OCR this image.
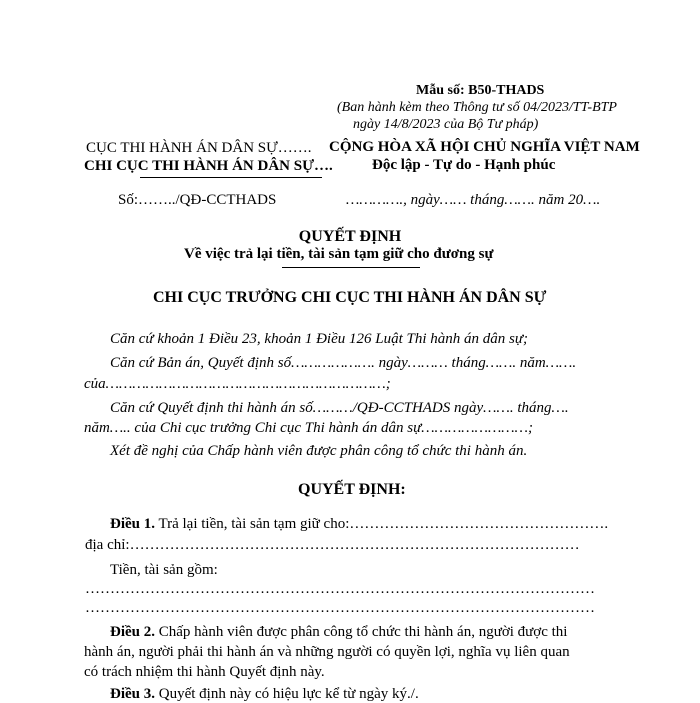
Mẫu số: B50-THADS
(Ban hành kèm theo Thông tư số 04/2023/TT-BTP
ngày 14/8/2023 của Bộ Tư pháp)
CỤC THI HÀNH ÁN DÂN SỰ…….
CHI CỤC THI HÀNH ÁN DÂN SỰ….
CỘNG HÒA XÃ HỘI CHỦ NGHĨA VIỆT NAM
Độc lập - Tự do - Hạnh phúc
Số:……../QĐ-CCTHADS	…………., ngày…… tháng……. năm 20….
QUYẾT ĐỊNH
Về việc trả lại tiền, tài sản tạm giữ cho đương sự
CHI CỤC TRƯỞNG CHI CỤC THI HÀNH ÁN DÂN SỰ
Căn cứ khoản 1 Điều 23, khoản 1 Điều 126 Luật Thi hành án dân sự;
Căn cứ Bản án, Quyết định số………………. ngày……… tháng……. năm…….
của………………………………………………………;
Căn cứ Quyết định thi hành án số………/QĐ-CCTHADS ngày……. tháng….
năm….. của Chi cục trưởng Chi cục Thi hành án dân sự……………………;
Xét đề nghị của Chấp hành viên được phân công tổ chức thi hành án.
QUYẾT ĐỊNH:
Điều 1. Trả lại tiền, tài sản tạm giữ cho:…………………………………………….
địa chỉ:………………………………………………………………………………
Tiền, tài sản gồm:
…………………………………………………………………………………………
…………………………………………………………………………………………
Điều 2. Chấp hành viên được phân công tổ chức thi hành án, người được thi
hành án, người phải thi hành án và những người có quyền lợi, nghĩa vụ liên quan
có trách nhiệm thi hành Quyết định này.
Điều 3. Quyết định này có hiệu lực kể từ ngày ký./.
